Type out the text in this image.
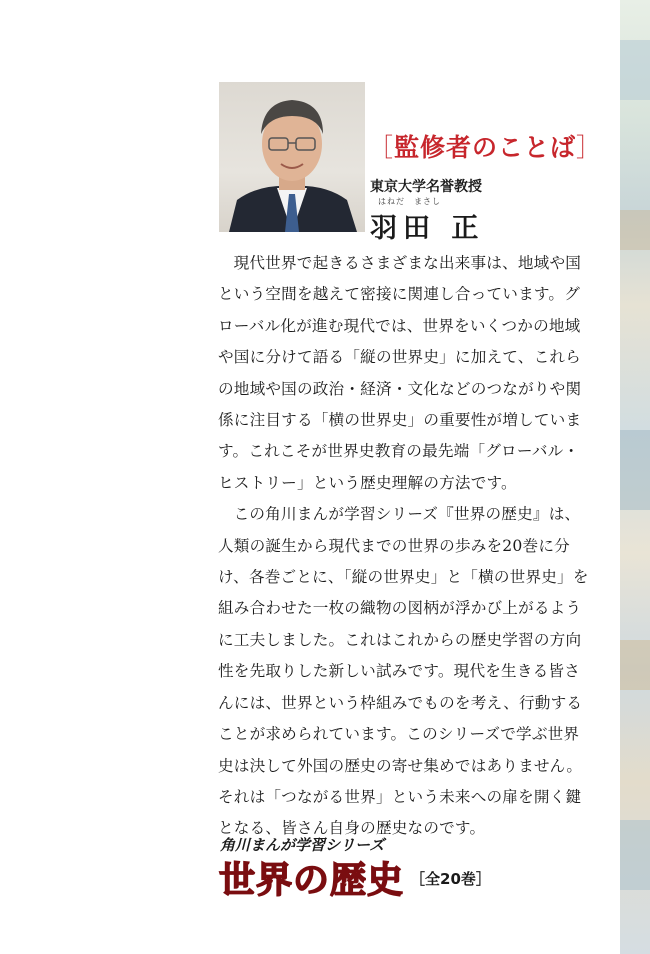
［監修者のことば］
東京大学名誉教授
はねだ　まさし
羽田 正

現代世界で起きるさまざまな出来事は、地域や国という空間を越えて密接に関連し合っています。グローバル化が進む現代では、世界をいくつかの地域や国に分けて語る「縦の世界史」に加えて、これらの地域や国の政治・経済・文化などのつながりや関係に注目する「横の世界史」の重要性が増しています。これこそが世界史教育の最先端「グローバル・ヒストリー」という歴史理解の方法です。

この角川まんが学習シリーズ『世界の歴史』は、人類の誕生から現代までの世界の歩みを20巻に分け、各巻ごとに、「縦の世界史」と「横の世界史」を組み合わせた一枚の織物の図柄が浮かび上がるように工夫しました。これはこれからの歴史学習の方向性を先取りした新しい試みです。現代を生きる皆さんには、世界という枠組みでものを考え、行動することが求められています。このシリーズで学ぶ世界史は決して外国の歴史の寄せ集めではありません。それは「つながる世界」という未来への扉を開く鍵となる、皆さん自身の歴史なのです。

角川まんが学習シリーズ
世界の歴史 ［全20巻］
